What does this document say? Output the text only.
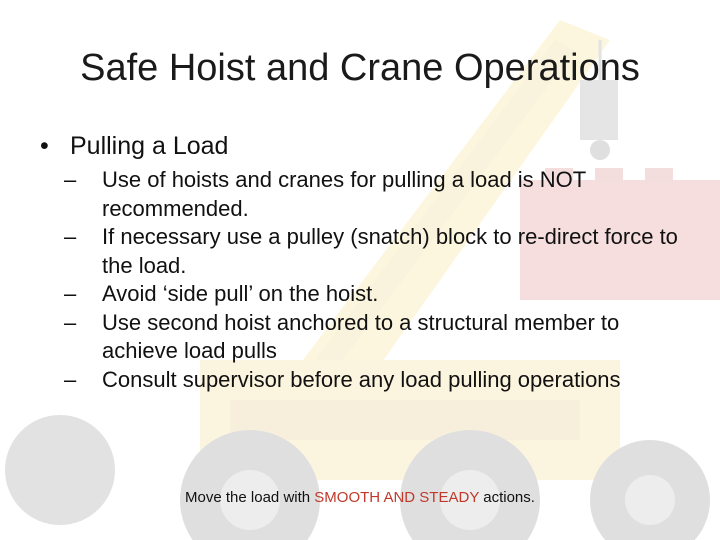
Safe Hoist and Crane Operations
• Pulling a Load

– Use of hoists and cranes for pulling a load is NOT recommended.

– If necessary use a pulley (snatch) block to re-direct force to the load.

– Avoid ‘side pull’ on the hoist.

– Use second hoist anchored to a structural member to achieve load pulls

– Consult supervisor before any load pulling operations

Move the load with SMOOTH AND STEADY actions.
